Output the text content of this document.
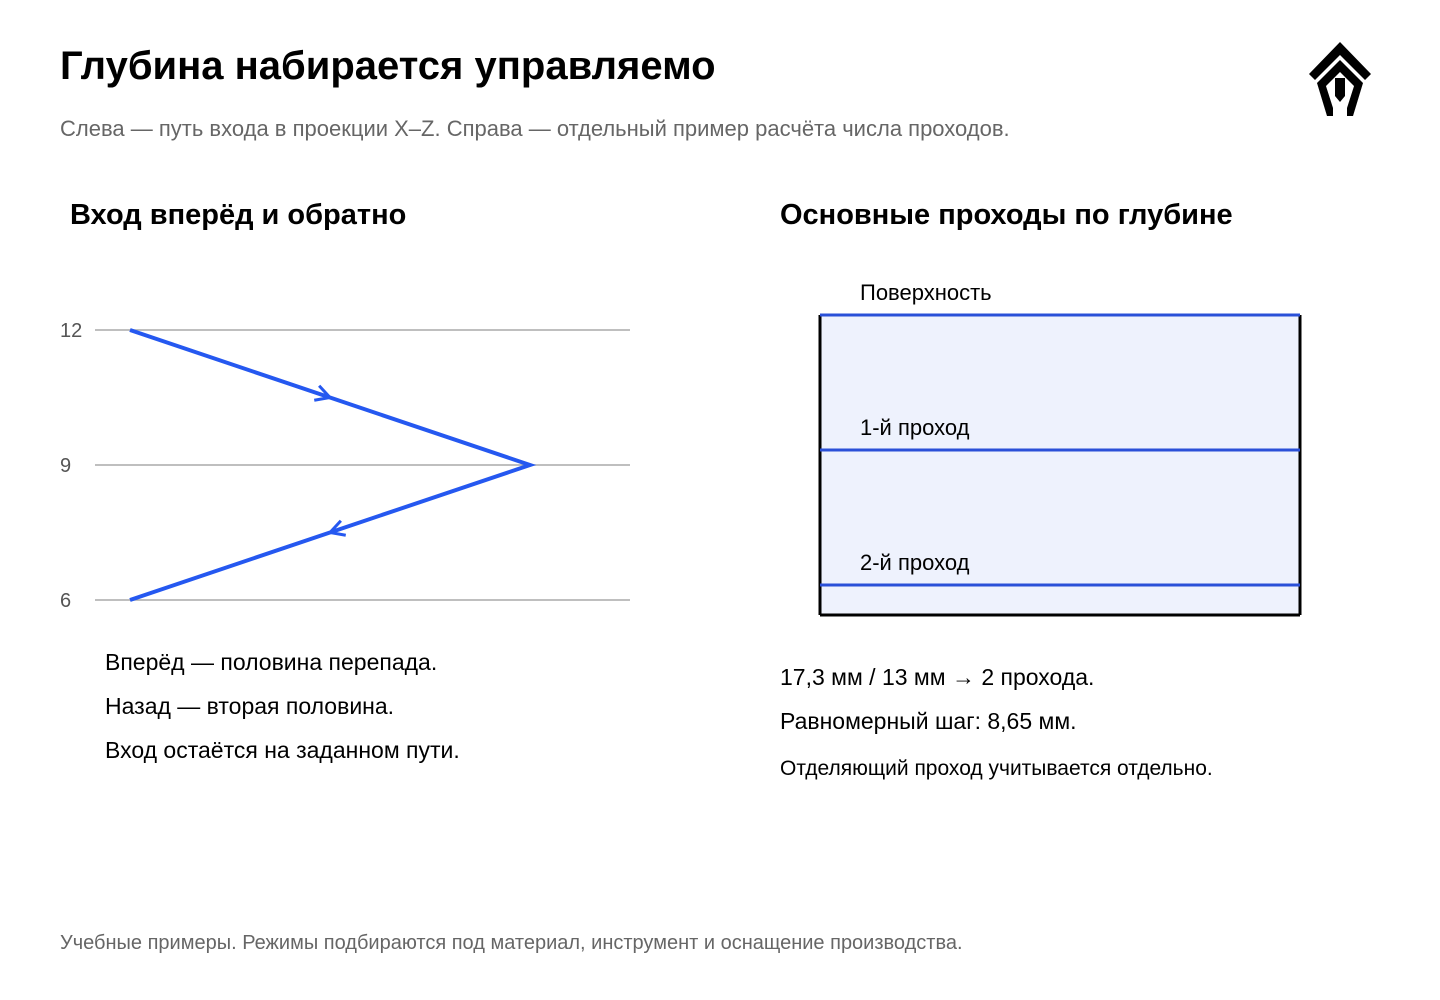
Глубина набирается управляемо
Слева — путь входа в проекции X–Z. Справа — отдельный пример расчёта числа проходов.
Вход вперёд и обратно	Основные проходы по глубине
12
9
6
Вперёд — половина перепада.
Назад — вторая половина.
Вход остаётся на заданном пути.
Поверхность
1-й проход
2-й проход
17,3 мм / 13 мм → 2 прохода.
Равномерный шаг: 8,65 мм.
Отделяющий проход учитывается отдельно.
Учебные примеры. Режимы подбираются под материал, инструмент и оснащение производства.
